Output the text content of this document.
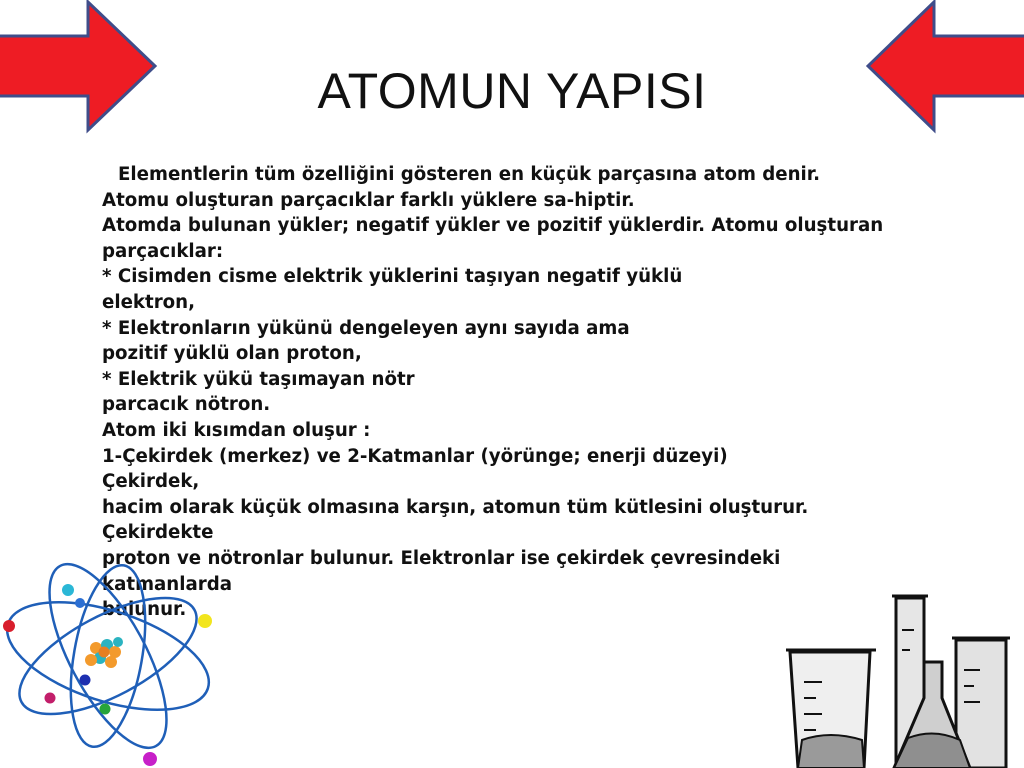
ATOMUN YAPISI
Elementlerin tüm özelliğini gösteren en küçük parçasına atom denir.
Atomu oluşturan parçacıklar farklı yüklere sa-hiptir.
Atomda bulunan yükler; negatif yükler ve pozitif yüklerdir. Atomu oluşturan
parçacıklar:
* Cisimden cisme elektrik yüklerini taşıyan negatif yüklü
elektron,
* Elektronların yükünü dengeleyen aynı sayıda ama
pozitif yüklü olan proton,
* Elektrik yükü taşımayan nötr
parcacık nötron.
Atom iki kısımdan oluşur :
1-Çekirdek (merkez) ve 2-Katmanlar (yörünge; enerji düzeyi)
Çekirdek,
hacim olarak küçük olmasına karşın, atomun tüm kütlesini oluşturur.
Çekirdekte
proton ve nötronlar bulunur. Elektronlar ise çekirdek çevresindeki
katmanlarda
bulunur.
